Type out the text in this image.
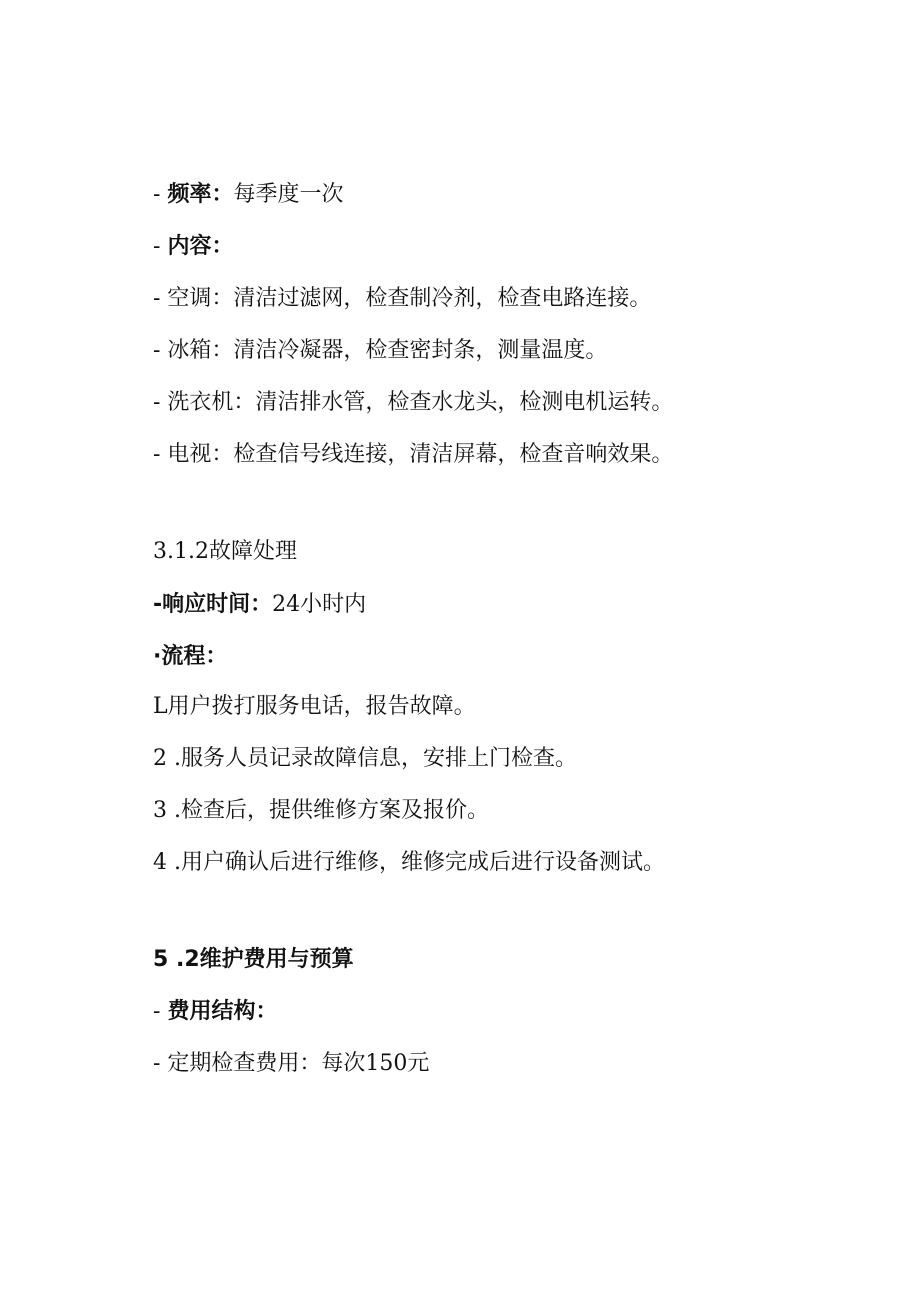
- 频率：每季度一次
- 内容：
- 空调：清洁过滤网，检查制冷剂，检查电路连接。
- 冰箱：清洁冷凝器，检查密封条，测量温度。
- 洗衣机：清洁排水管，检查水龙头，检测电机运转。
- 电视：检查信号线连接，清洁屏幕，检查音响效果。
3.1.2故障处理
-响应时间：24小时内
·流程：
L用户拨打服务电话，报告故障。
2 .服务人员记录故障信息，安排上门检查。
3 .检查后，提供维修方案及报价。
4 .用户确认后进行维修，维修完成后进行设备测试。
5 .2维护费用与预算
- 费用结构：
- 定期检查费用：每次150元
